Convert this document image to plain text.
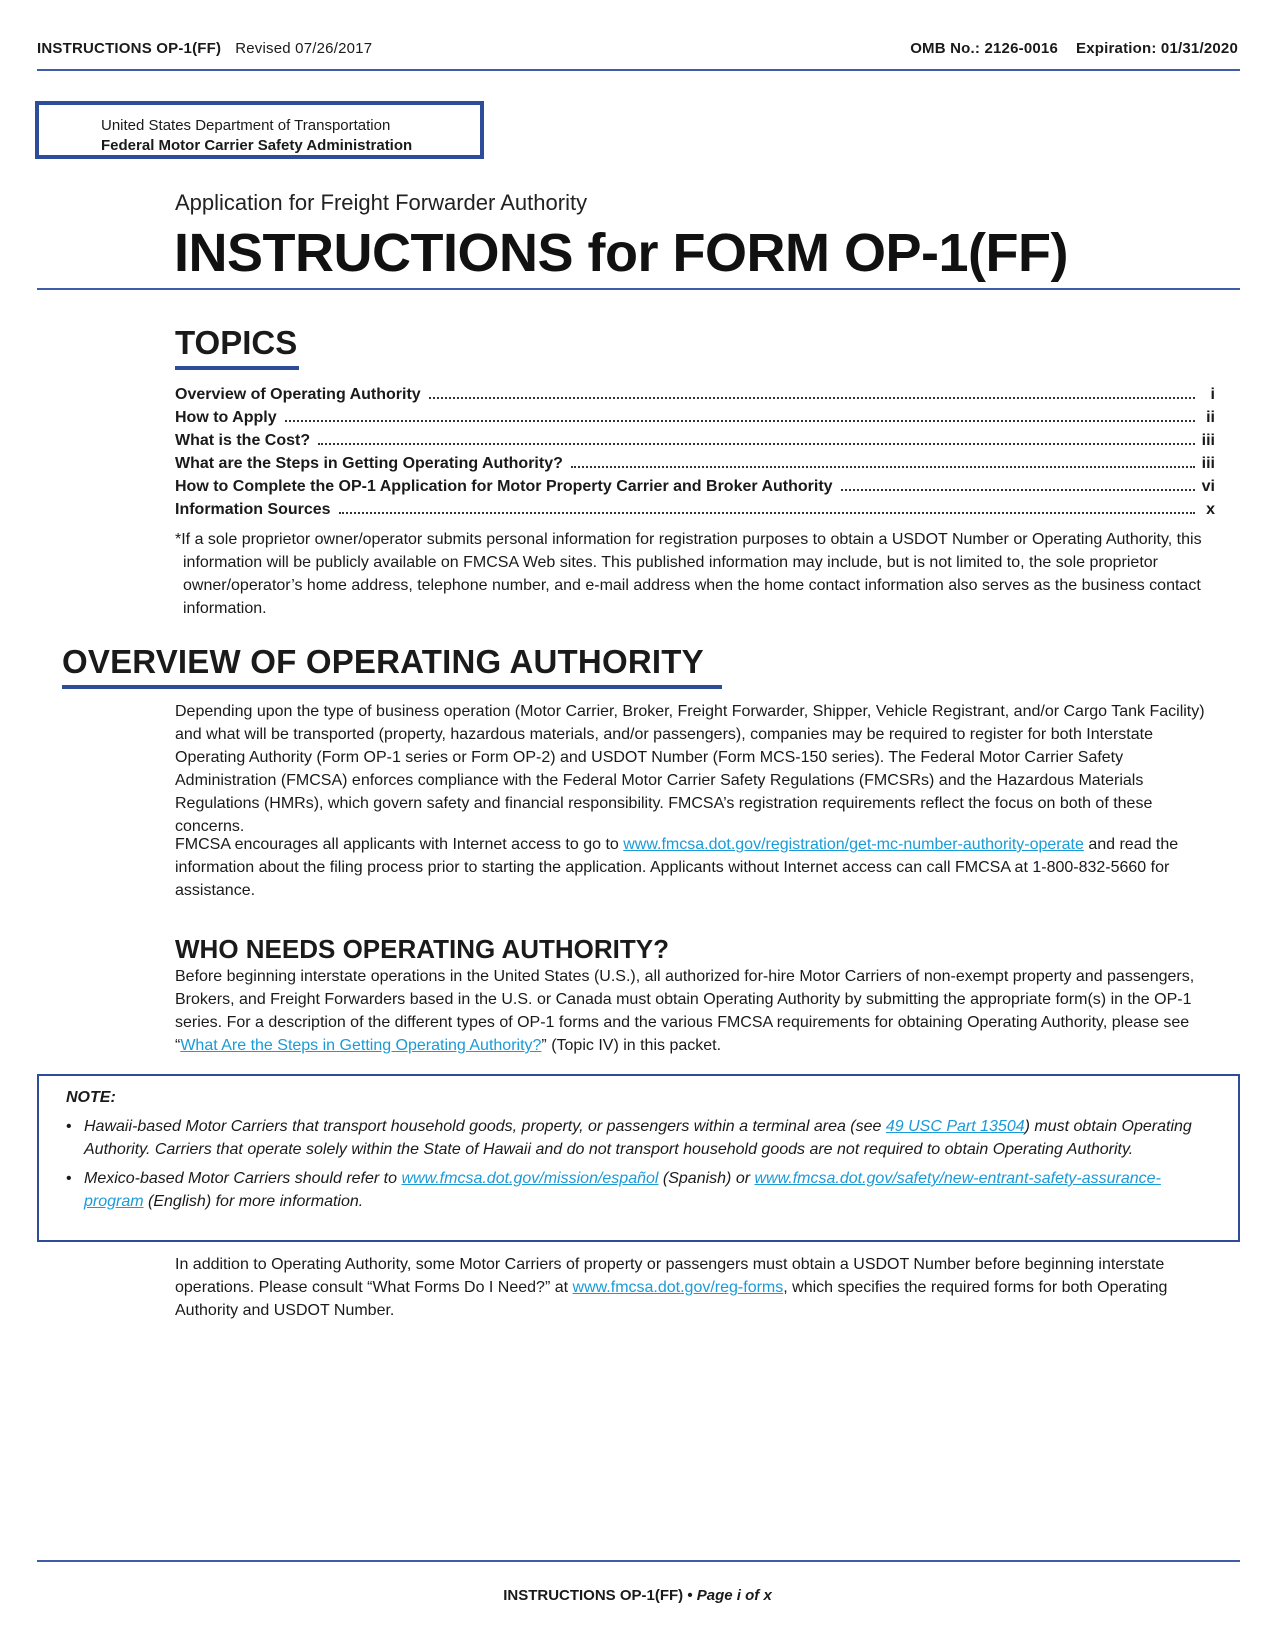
INSTRUCTIONS OP-1(FF) Revised 07/26/2017	OMB No.: 2126-0016 Expiration: 01/31/2020
United States Department of Transportation
Federal Motor Carrier Safety Administration
Application for Freight Forwarder Authority
INSTRUCTIONS for FORM OP-1(FF)
TOPICS
Overview of Operating Authority	i
How to Apply	ii
What is the Cost?	iii
What are the Steps in Getting Operating Authority?	iii
How to Complete the OP-1 Application for Motor Property Carrier and Broker Authority	vi
Information Sources	x

*If a sole proprietor owner/operator submits personal information for registration purposes to obtain a USDOT Number or Operating Authority, this information will be publicly available on FMCSA Web sites. This published information may include, but is not limited to, the sole proprietor owner/operator’s home address, telephone number, and e-mail address when the home contact information also serves as the business contact information.

OVERVIEW OF OPERATING AUTHORITY

Depending upon the type of business operation (Motor Carrier, Broker, Freight Forwarder, Shipper, Vehicle Registrant, and/or Cargo Tank Facility) and what will be transported (property, hazardous materials, and/or passengers), companies may be required to register for both Interstate Operating Authority (Form OP-1 series or Form OP-2) and USDOT Number (Form MCS-150 series). The Federal Motor Carrier Safety Administration (FMCSA) enforces compliance with the Federal Motor Carrier Safety Regulations (FMCSRs) and the Hazardous Materials Regulations (HMRs), which govern safety and financial responsibility. FMCSA’s registration requirements reflect the focus on both of these concerns.

FMCSA encourages all applicants with Internet access to go to www.fmcsa.dot.gov/registration/get-mc-number-authority-operate and read the information about the filing process prior to starting the application. Applicants without Internet access can call FMCSA at 1-800-832-5660 for assistance.

WHO NEEDS OPERATING AUTHORITY?

Before beginning interstate operations in the United States (U.S.), all authorized for-hire Motor Carriers of non-exempt property and passengers, Brokers, and Freight Forwarders based in the U.S. or Canada must obtain Operating Authority by submitting the appropriate form(s) in the OP-1 series. For a description of the different types of OP-1 forms and the various FMCSA requirements for obtaining Operating Authority, please see “What Are the Steps in Getting Operating Authority?” (Topic IV) in this packet.

NOTE:
• Hawaii-based Motor Carriers that transport household goods, property, or passengers within a terminal area (see 49 USC Part 13504) must obtain Operating Authority. Carriers that operate solely within the State of Hawaii and do not transport household goods are not required to obtain Operating Authority.
• Mexico-based Motor Carriers should refer to www.fmcsa.dot.gov/mission/español (Spanish) or www.fmcsa.dot.gov/safety/new-entrant-safety-assurance-program (English) for more information.

In addition to Operating Authority, some Motor Carriers of property or passengers must obtain a USDOT Number before beginning interstate operations. Please consult “What Forms Do I Need?” at www.fmcsa.dot.gov/reg-forms, which specifies the required forms for both Operating Authority and USDOT Number.

INSTRUCTIONS OP-1(FF) • Page i of x
